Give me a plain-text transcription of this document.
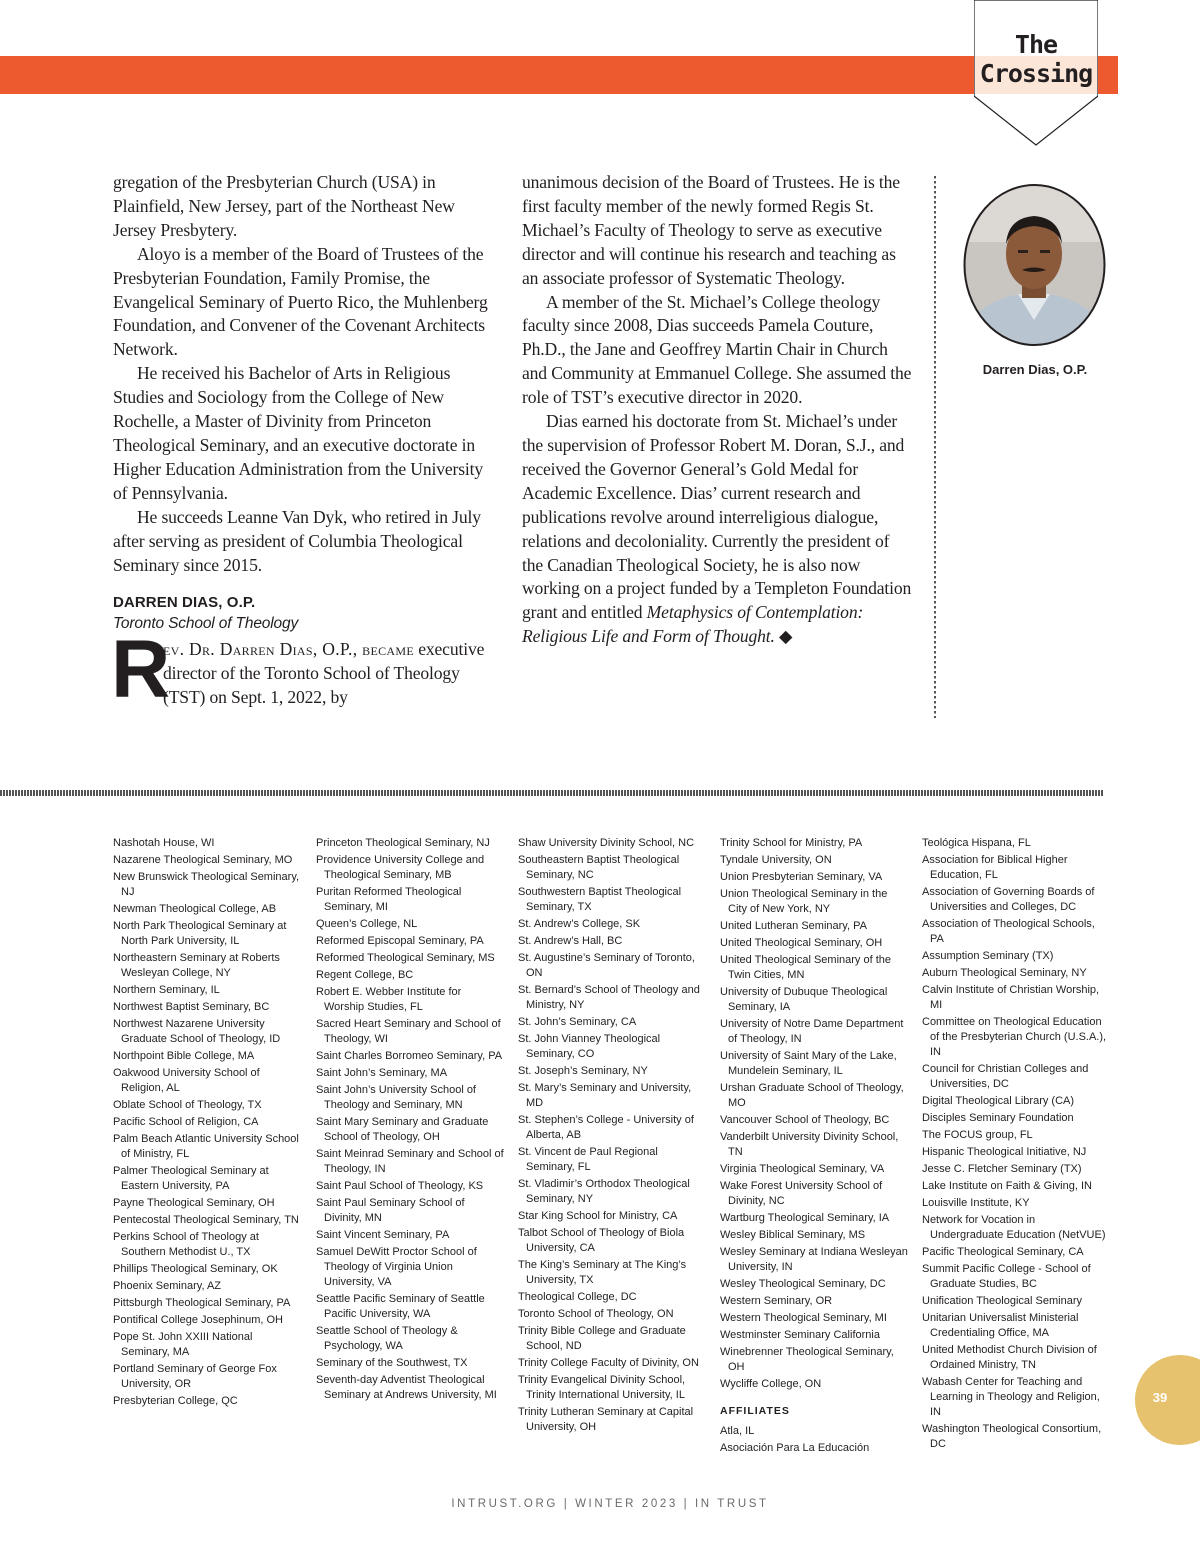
The
Crossing

gregation of the Presbyterian Church (USA) in Plainfield, New Jersey, part of the Northeast New Jersey Presbytery.

Aloyo is a member of the Board of Trustees of the Presbyterian Foundation, Family Promise, the Evangelical Seminary of Puerto Rico, the Muhlenberg Foundation, and Convener of the Covenant Architects Network.

He received his Bachelor of Arts in Religious Studies and Sociology from the College of New Rochelle, a Master of Divinity from Princeton Theological Seminary, and an executive doctorate in Higher Education Administration from the University of Pennsylvania.

He succeeds Leanne Van Dyk, who retired in July after serving as president of Columbia Theological Seminary since 2015.

DARREN DIAS, O.P.
Toronto School of Theology
R
ev. Dr. Darren Dias, O.P., became executive director of the Toronto School of Theology (TST) on Sept. 1, 2022, by

unanimous decision of the Board of Trustees. He is the first faculty member of the newly formed Regis St. Michael’s Faculty of Theology to serve as executive director and will continue his research and teaching as an associate professor of Systematic Theology.

A member of the St. Michael’s College theology faculty since 2008, Dias succeeds Pamela Couture, Ph.D., the Jane and Geoffrey Martin Chair in Church and Community at Emmanuel College. She assumed the role of TST’s executive director in 2020.

Dias earned his doctorate from St. Michael’s under the supervision of Professor Robert M. Doran, S.J., and received the Governor General’s Gold Medal for Academic Excellence. Dias’ current research and publications revolve around interreligious dialogue, relations and decoloniality. Currently the president of the Canadian Theological Society, he is also now working on a project funded by a Templeton Foundation grant and entitled Metaphysics of Contemplation: Religious Life and Form of Thought. ◆

Darren Dias, O.P.
Nashotah House, WI
Nazarene Theological Seminary, MO
New Brunswick Theological Seminary, NJ
Newman Theological College, AB
North Park Theological Seminary at North Park University, IL
Northeastern Seminary at Roberts Wesleyan College, NY
Northern Seminary, IL
Northwest Baptist Seminary, BC
Northwest Nazarene University Graduate School of Theology, ID
Northpoint Bible College, MA
Oakwood University School of Religion, AL
Oblate School of Theology, TX
Pacific School of Religion, CA
Palm Beach Atlantic University School of Ministry, FL
Palmer Theological Seminary at Eastern University, PA
Payne Theological Seminary, OH
Pentecostal Theological Seminary, TN
Perkins School of Theology at Southern Methodist U., TX
Phillips Theological Seminary, OK
Phoenix Seminary, AZ
Pittsburgh Theological Seminary, PA
Pontifical College Josephinum, OH
Pope St. John XXIII National Seminary, MA
Portland Seminary of George Fox University, OR
Presbyterian College, QC
Princeton Theological Seminary, NJ
Providence University College and Theological Seminary, MB
Puritan Reformed Theological Seminary, MI
Queen’s College, NL
Reformed Episcopal Seminary, PA
Reformed Theological Seminary, MS
Regent College, BC
Robert E. Webber Institute for Worship Studies, FL
Sacred Heart Seminary and School of Theology, WI
Saint Charles Borromeo Seminary, PA
Saint John’s Seminary, MA
Saint John’s University School of Theology and Seminary, MN
Saint Mary Seminary and Graduate School of Theology, OH
Saint Meinrad Seminary and School of Theology, IN
Saint Paul School of Theology, KS
Saint Paul Seminary School of Divinity, MN
Saint Vincent Seminary, PA
Samuel DeWitt Proctor School of Theology of Virginia Union University, VA
Seattle Pacific Seminary of Seattle Pacific University, WA
Seattle School of Theology & Psychology, WA
Seminary of the Southwest, TX
Seventh-day Adventist Theological Seminary at Andrews University, MI
Shaw University Divinity School, NC
Southeastern Baptist Theological Seminary, NC
Southwestern Baptist Theological Seminary, TX
St. Andrew’s College, SK
St. Andrew’s Hall, BC
St. Augustine’s Seminary of Toronto, ON
St. Bernard’s School of Theology and Ministry, NY
St. John’s Seminary, CA
St. John Vianney Theological Seminary, CO
St. Joseph’s Seminary, NY
St. Mary’s Seminary and University, MD
St. Stephen’s College - University of Alberta, AB
St. Vincent de Paul Regional Seminary, FL
St. Vladimir’s Orthodox Theological Seminary, NY
Star King School for Ministry, CA
Talbot School of Theology of Biola University, CA
The King’s Seminary at The King’s University, TX
Theological College, DC
Toronto School of Theology, ON
Trinity Bible College and Graduate School, ND
Trinity College Faculty of Divinity, ON
Trinity Evangelical Divinity School, Trinity International University, IL
Trinity Lutheran Seminary at Capital University, OH
Trinity School for Ministry, PA
Tyndale University, ON
Union Presbyterian Seminary, VA
Union Theological Seminary in the City of New York, NY
United Lutheran Seminary, PA
United Theological Seminary, OH
United Theological Seminary of the Twin Cities, MN
University of Dubuque Theological Seminary, IA
University of Notre Dame Department of Theology, IN
University of Saint Mary of the Lake, Mundelein Seminary, IL
Urshan Graduate School of Theology, MO
Vancouver School of Theology, BC
Vanderbilt University Divinity School, TN
Virginia Theological Seminary, VA
Wake Forest University School of Divinity, NC
Wartburg Theological Seminary, IA
Wesley Biblical Seminary, MS
Wesley Seminary at Indiana Wesleyan University, IN
Wesley Theological Seminary, DC
Western Seminary, OR
Western Theological Seminary, MI
Westminster Seminary California
Winebrenner Theological Seminary, OH
Wycliffe College, ON
AFFILIATES
Atla, IL
Asociación Para La Educación
Teológica Hispana, FL
Association for Biblical Higher Education, FL
Association of Governing Boards of Universities and Colleges, DC
Association of Theological Schools, PA
Assumption Seminary (TX)
Auburn Theological Seminary, NY
Calvin Institute of Christian Worship, MI
Committee on Theological Education of the Presbyterian Church (U.S.A.), IN
Council for Christian Colleges and Universities, DC
Digital Theological Library (CA)
Disciples Seminary Foundation
The FOCUS group, FL
Hispanic Theological Initiative, NJ
Jesse C. Fletcher Seminary (TX)
Lake Institute on Faith & Giving, IN
Louisville Institute, KY
Network for Vocation in Undergraduate Education (NetVUE)
Pacific Theological Seminary, CA
Summit Pacific College - School of Graduate Studies, BC
Unification Theological Seminary
Unitarian Universalist Ministerial Credentialing Office, MA
United Methodist Church Division of Ordained Ministry, TN
Wabash Center for Teaching and Learning in Theology and Religion, IN
Washington Theological Consortium, DC
39
INTRUST.ORG | WINTER 2023 | IN TRUST
